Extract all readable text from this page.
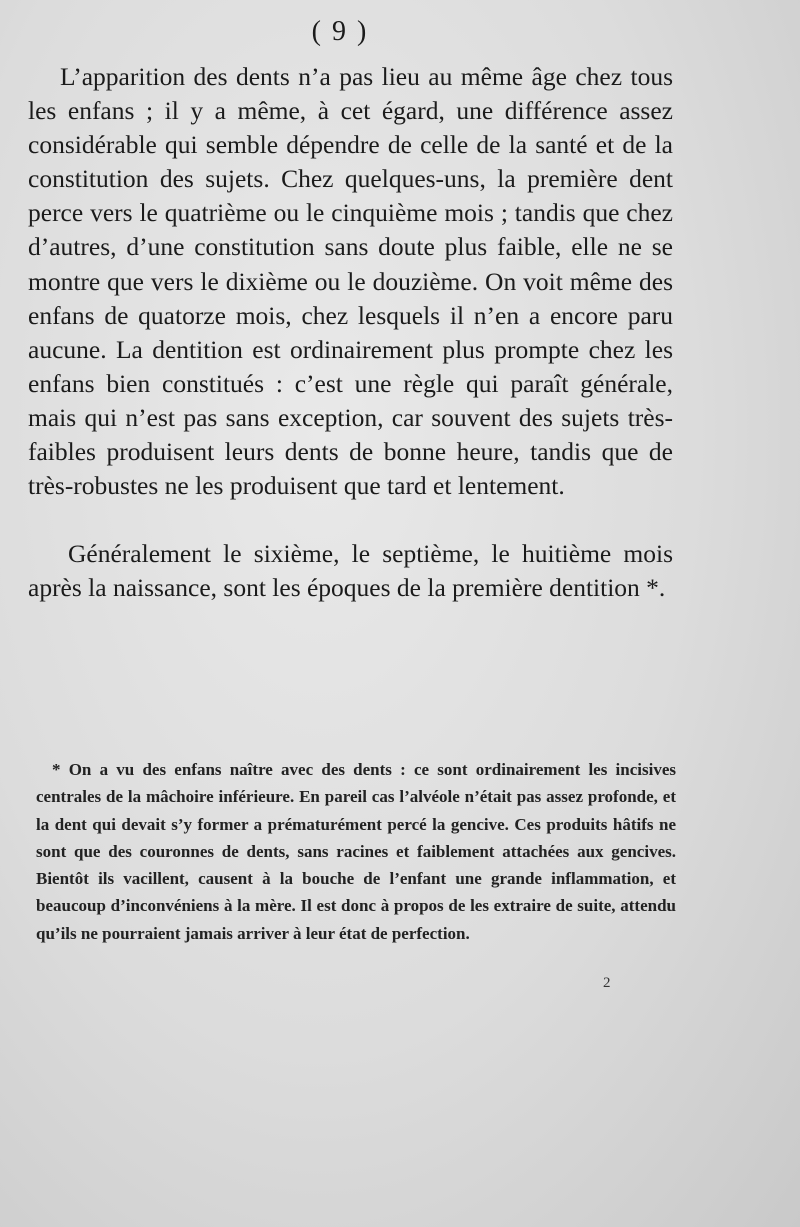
( 9 )

L’apparition des dents n’a pas lieu au même âge chez tous les enfans ; il y a même, à cet égard, une différence assez considérable qui semble dépendre de celle de la santé et de la constitution des sujets. Chez quelques-uns, la première dent perce vers le quatrième ou le cinquième mois ; tandis que chez d’autres, d’une constitution sans doute plus faible, elle ne se montre que vers le dixième ou le douzième. On voit même des enfans de quatorze mois, chez lesquels il n’en a encore paru aucune. La dentition est ordinairement plus prompte chez les enfans bien constitués : c’est une règle qui paraît générale, mais qui n’est pas sans exception, car souvent des sujets très-faibles produisent leurs dents de bonne heure, tandis que de très-robustes ne les produisent que tard et lentement.

Généralement le sixième, le septième, le huitième mois après la naissance, sont les époques de la première dentition *.

* On a vu des enfans naître avec des dents : ce sont ordinairement les incisives centrales de la mâchoire inférieure. En pareil cas l’alvéole n’était pas assez profonde, et la dent qui devait s’y former a prématurément percé la gencive. Ces produits hâtifs ne sont que des couronnes de dents, sans racines et faiblement attachées aux gencives. Bientôt ils vacillent, causent à la bouche de l’enfant une grande inflammation, et beaucoup d’inconvéniens à la mère. Il est donc à propos de les extraire de suite, attendu qu’ils ne pourraient jamais arriver à leur état de perfection.

2
